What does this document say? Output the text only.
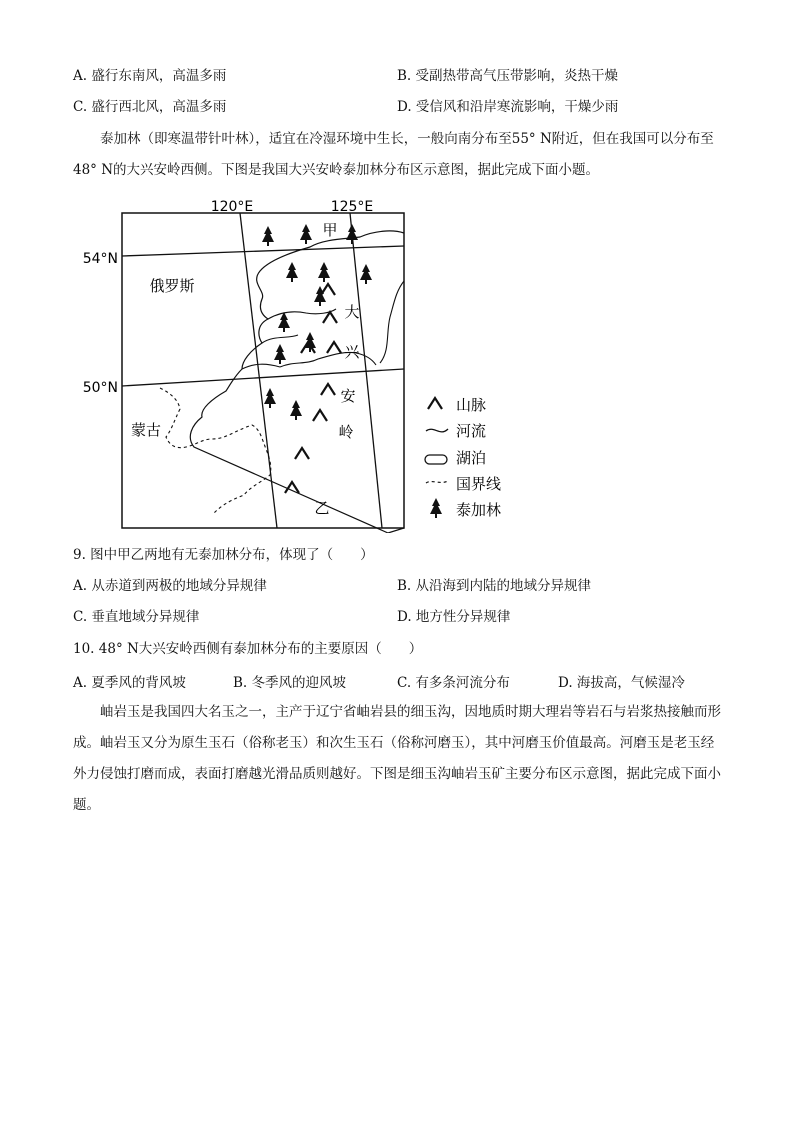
A. 盛行东南风，高温多雨	B. 受副热带高气压带影响，炎热干燥
C. 盛行西北风，高温多雨	D. 受信风和沿岸寒流影响，干燥少雨
泰加林（即寒温带针叶林），适宜在冷湿环境中生长，一般向南分布至55° N附近，但在我国可以分布至48° N的大兴安岭西侧。下图是我国大兴安岭泰加林分布区示意图，据此完成下面小题。
120°E	125°E
54°N
50°N
甲
乙
大
兴
安
岭
俄罗斯
蒙古
山脉
河流
湖泊
国界线
泰加林
9. 图中甲乙两地有无泰加林分布，体现了（　　）
A. 从赤道到两极的地域分异规律	B. 从沿海到内陆的地域分异规律
C. 垂直地域分异规律	D. 地方性分异规律
10. 48° N大兴安岭西侧有泰加林分布的主要原因（　　）
A. 夏季风的背风坡	B. 冬季风的迎风坡	C. 有多条河流分布	D. 海拔高，气候湿冷
岫岩玉是我国四大名玉之一，主产于辽宁省岫岩县的细玉沟，因地质时期大理岩等岩石与岩浆热接触而形成。岫岩玉又分为原生玉石（俗称老玉）和次生玉石（俗称河磨玉），其中河磨玉价值最高。河磨玉是老玉经外力侵蚀打磨而成，表面打磨越光滑品质则越好。下图是细玉沟岫岩玉矿主要分布区示意图，据此完成下面小题。
